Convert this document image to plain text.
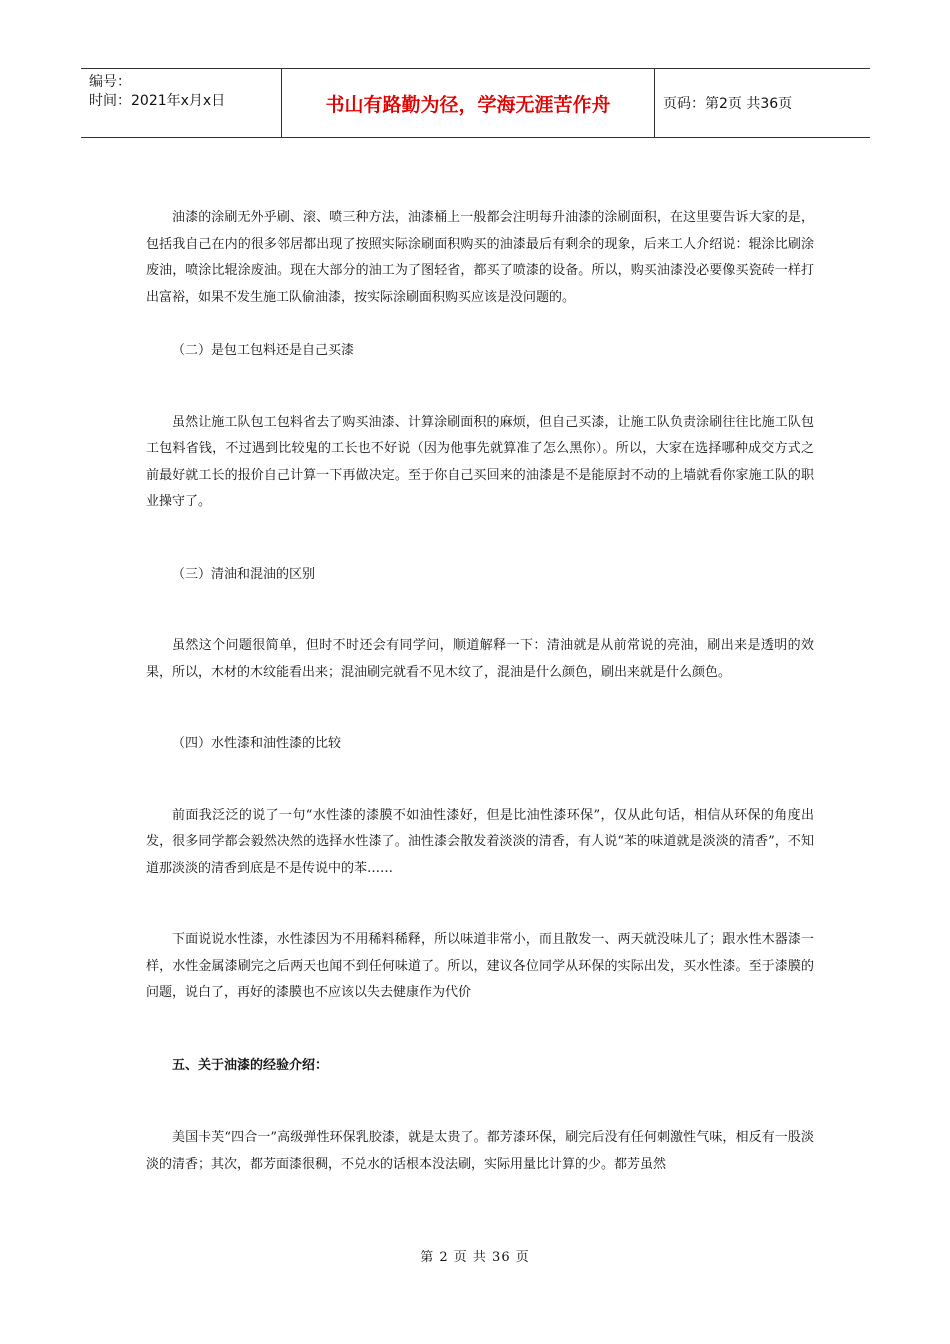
编号：
时间：2021年x月x日	书山有路勤为径，学海无涯苦作舟	页码：第2页 共36页

油漆的涂刷无外乎刷、滚、喷三种方法，油漆桶上一般都会注明每升油漆的涂刷面积，在这里要告诉大家的是，包括我自己在内的很多邻居都出现了按照实际涂刷面积购买的油漆最后有剩余的现象，后来工人介绍说：辊涂比刷涂废油，喷涂比辊涂废油。现在大部分的油工为了图轻省，都买了喷漆的设备。所以，购买油漆没必要像买瓷砖一样打出富裕，如果不发生施工队偷油漆，按实际涂刷面积购买应该是没问题的。

（二）是包工包料还是自己买漆

虽然让施工队包工包料省去了购买油漆、计算涂刷面积的麻烦，但自己买漆，让施工队负责涂刷往往比施工队包工包料省钱，不过遇到比较鬼的工长也不好说（因为他事先就算准了怎么黑你）。所以，大家在选择哪种成交方式之前最好就工长的报价自己计算一下再做决定。至于你自己买回来的油漆是不是能原封不动的上墙就看你家施工队的职业操守了。

（三）清油和混油的区别

虽然这个问题很简单，但时不时还会有同学问，顺道解释一下：清油就是从前常说的亮油，刷出来是透明的效果，所以，木材的木纹能看出来；混油刷完就看不见木纹了，混油是什么颜色，刷出来就是什么颜色。

（四）水性漆和油性漆的比较

前面我泛泛的说了一句“水性漆的漆膜不如油性漆好，但是比油性漆环保”，仅从此句话，相信从环保的角度出发，很多同学都会毅然决然的选择水性漆了。油性漆会散发着淡淡的清香，有人说“苯的味道就是淡淡的清香”，不知道那淡淡的清香到底是不是传说中的苯……

下面说说水性漆，水性漆因为不用稀料稀释，所以味道非常小，而且散发一、两天就没味儿了；跟水性木器漆一样，水性金属漆刷完之后两天也闻不到任何味道了。所以，建议各位同学从环保的实际出发，买水性漆。至于漆膜的问题，说白了，再好的漆膜也不应该以失去健康作为代价

五、关于油漆的经验介绍：

美国卡芙“四合一”高级弹性环保乳胶漆，就是太贵了。都芳漆环保，刷完后没有任何刺激性气味，相反有一股淡淡的清香；其次，都芳面漆很稠，不兑水的话根本没法刷，实际用量比计算的少。都芳虽然

第 2 页 共 36 页
